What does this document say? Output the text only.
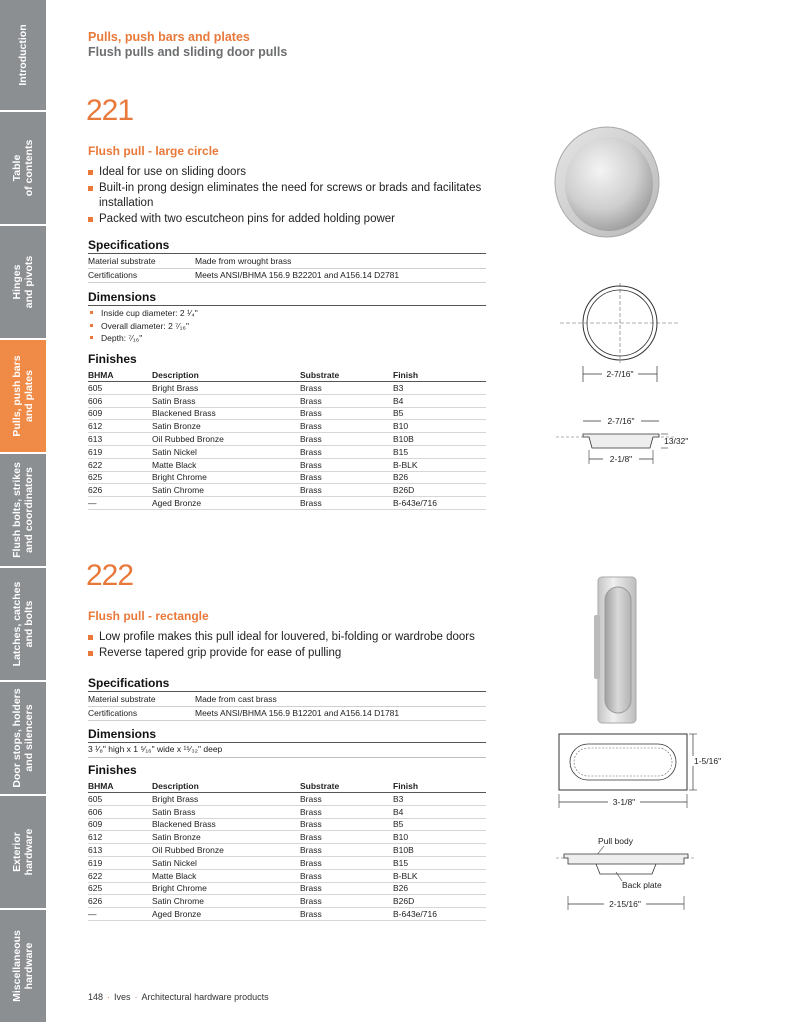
Introduction
Table
of contents
Hinges
and pivots
Pulls, push bars
and plates
Flush bolts, strikes
and coordinators
Latches, catches
and bolts
Door stops, holders
and silencers
Exterior
hardware
Miscellaneous
hardware
Pulls, push bars and plates
Flush pulls and sliding door pulls
221
Flush pull - large circle
Ideal for use on sliding doors
Built-in prong design eliminates the need for screws or brads and facilitates installation
Packed with two escutcheon pins for added holding power
Specifications
Material substrate	Made from wrought brass

Certifications	Meets ANSI/BHMA 156.9 B22201 and A156.14 D2781

Dimensions
Inside cup diameter: 2 ¹⁄₄"
Overall diameter: 2 ⁷⁄₁₆"
Depth: ⁷⁄₁₆"
Finishes
BHMA	Description	Substrate	Finish
605	Bright Brass	Brass	B3
606	Satin Brass	Brass	B4
609	Blackened Brass	Brass	B5
612	Satin Bronze	Brass	B10
613	Oil Rubbed Bronze	Brass	B10B
619	Satin Nickel	Brass	B15
622	Matte Black	Brass	B-BLK
625	Bright Chrome	Brass	B26
626	Satin Chrome	Brass	B26D
—	Aged Bronze	Brass	B-643e/716
2-7/16"
2-7/16"
13/32"
2-1/8"
222
Flush pull - rectangle
Low profile makes this pull ideal for louvered, bi-folding or wardrobe doors
Reverse tapered grip provide for ease of pulling
Specifications
Material substrate	Made from cast brass

Certifications	Meets ANSI/BHMA 156.9 B12201 and A156.14 D1781

Dimensions
3 ¹⁄₈" high x 1 ⁵⁄₁₆" wide x ¹⁵⁄₃₂" deep
Finishes
BHMA	Description	Substrate	Finish
605	Bright Brass	Brass	B3
606	Satin Brass	Brass	B4
609	Blackened Brass	Brass	B5
612	Satin Bronze	Brass	B10
613	Oil Rubbed Bronze	Brass	B10B
619	Satin Nickel	Brass	B15
622	Matte Black	Brass	B-BLK
625	Bright Chrome	Brass	B26
626	Satin Chrome	Brass	B26D
—	Aged Bronze	Brass	B-643e/716
1-5/16"
3-1/8"
Pull body
Back plate
2-15/16"
148 · Ives · Architectural hardware products
